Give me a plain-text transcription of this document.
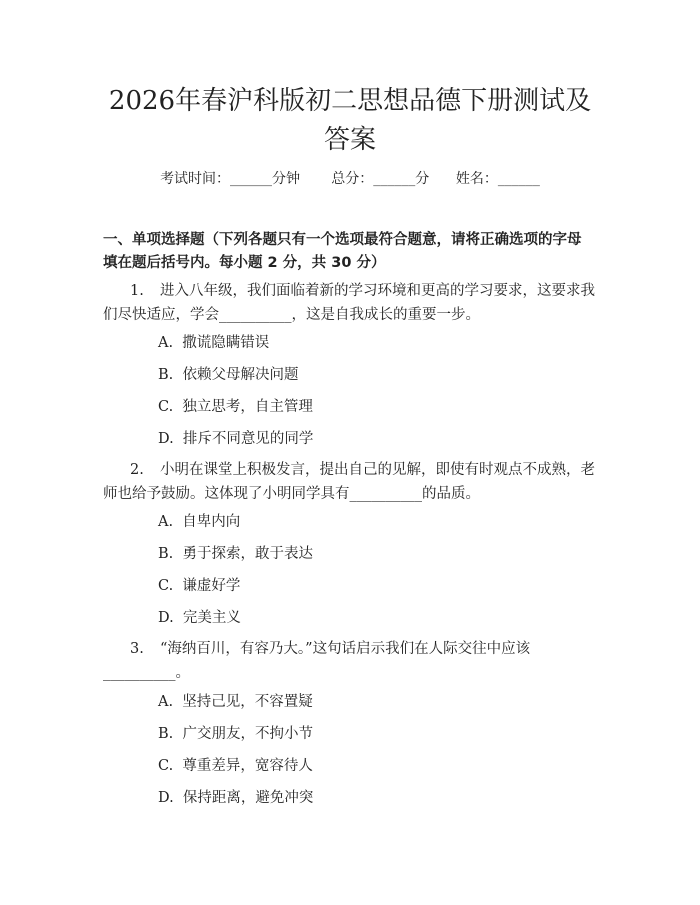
2026年春沪科版初二思想品德下册测试及答案
考试时间：______分钟       总分：______分      姓名：______
一、单项选择题（下列各题只有一个选项最符合题意，请将正确选项的字母填在题后括号内。每小题 2 分，共 30 分）
1. 进入八年级，我们面临着新的学习环境和更高的学习要求，这要求我们尽快适应，学会__________，这是自我成长的重要一步。
A.  撒谎隐瞒错误
B.  依赖父母解决问题
C.  独立思考，自主管理
D.  排斥不同意见的同学
2. 小明在课堂上积极发言，提出自己的见解，即使有时观点不成熟，老师也给予鼓励。这体现了小明同学具有__________的品质。
A.  自卑内向
B.  勇于探索，敢于表达
C.  谦虚好学
D.  完美主义
3. “海纳百川，有容乃大。”这句话启示我们在人际交往中应该__________。
A.  坚持己见，不容置疑
B.  广交朋友，不拘小节
C.  尊重差异，宽容待人
D.  保持距离，避免冲突
